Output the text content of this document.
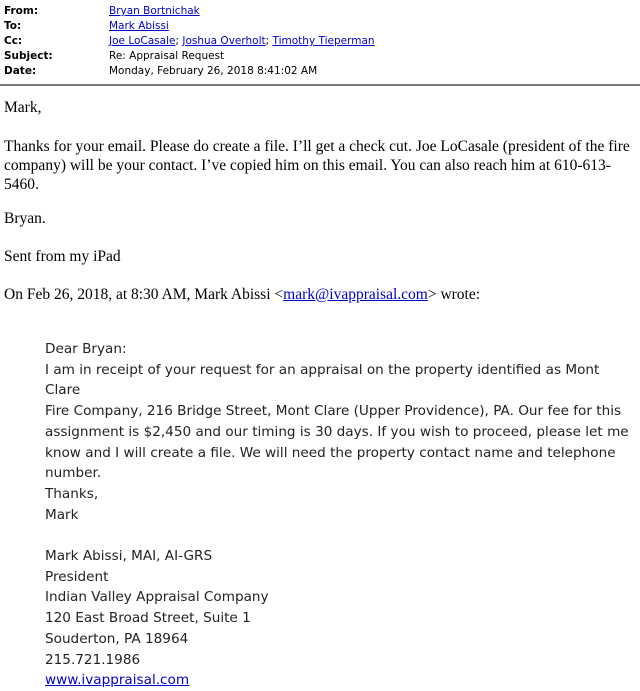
From:	Bryan Bortnichak
To:	Mark Abissi
Cc:	Joe LoCasale; Joshua Overholt; Timothy Tieperman
Subject:	Re: Appraisal Request
Date:	Monday, February 26, 2018 8:41:02 AM

Mark,

Thanks for your email. Please do create a file. I’ll get a check cut. Joe LoCasale (president of the fire company) will be your contact. I’ve copied him on this email. You can also reach him at 610-613-5460.

Bryan.

Sent from my iPad

On Feb 26, 2018, at 8:30 AM, Mark Abissi <mark@ivappraisal.com> wrote:

Dear Bryan:

I am in receipt of your request for an appraisal on the property identified as Mont Clare

Fire Company, 216 Bridge Street, Mont Clare (Upper Providence), PA. Our fee for this

assignment is $2,450 and our timing is 30 days. If you wish to proceed, please let me

know and I will create a file. We will need the property contact name and telephone

number.

Thanks,

Mark

Mark Abissi, MAI, AI-GRS

President

Indian Valley Appraisal Company

120 East Broad Street, Suite 1

Souderton, PA 18964

215.721.1986

www.ivappraisal.com
